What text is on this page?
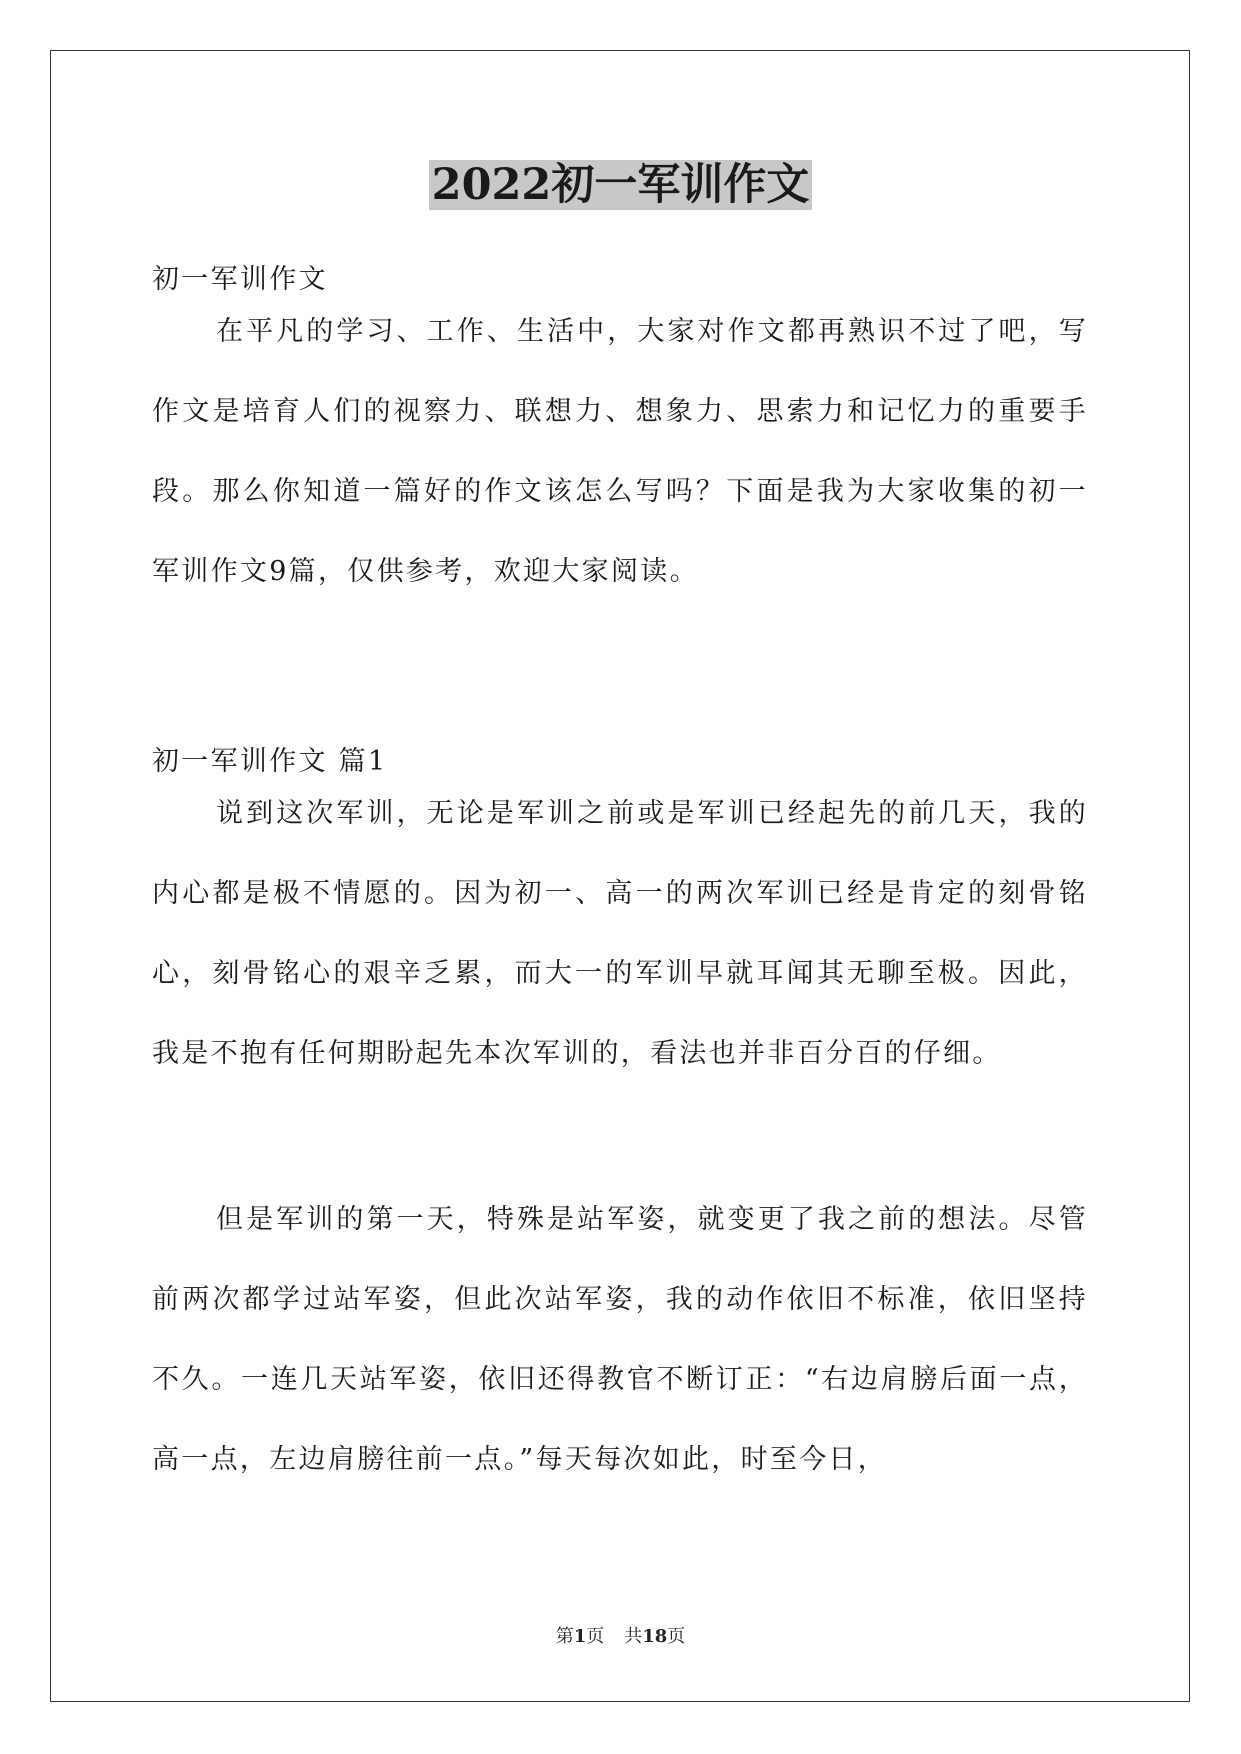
2022初一军训作文

初一军训作文

在平凡的学习、工作、生活中，大家对作文都再熟识不过了吧，写作文是培育人们的视察力、联想力、想象力、思索力和记忆力的重要手段。那么你知道一篇好的作文该怎么写吗？下面是我为大家收集的初一军训作文9篇，仅供参考，欢迎大家阅读。

初一军训作文 篇1

说到这次军训，无论是军训之前或是军训已经起先的前几天，我的内心都是极不情愿的。因为初一、高一的两次军训已经是肯定的刻骨铭心，刻骨铭心的艰辛乏累，而大一的军训早就耳闻其无聊至极。因此，我是不抱有任何期盼起先本次军训的，看法也并非百分百的仔细。

但是军训的第一天，特殊是站军姿，就变更了我之前的想法。尽管前两次都学过站军姿，但此次站军姿，我的动作依旧不标准，依旧坚持不久。一连几天站军姿，依旧还得教官不断订正：“右边肩膀后面一点，高一点，左边肩膀往前一点。”每天每次如此，时至今日，

第1页 共18页
